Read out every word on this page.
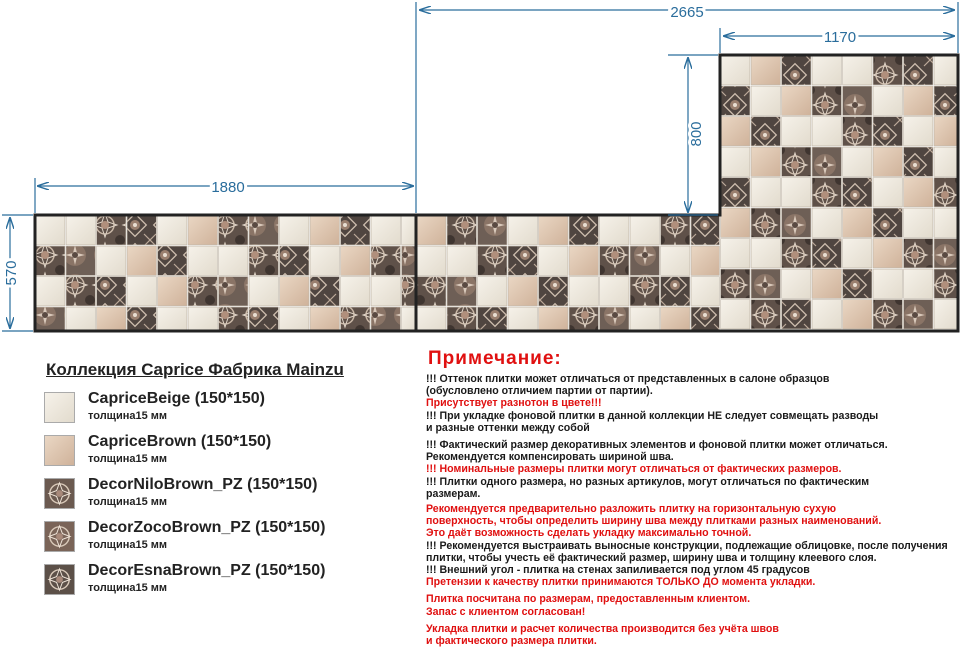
2665
1170
800
1880
570
Коллекция Caprice Фабрика Mainzu
CapriceBeige (150*150)
толщина15 мм
CapriceBrown (150*150)
толщина15 мм
DecorNiloBrown_PZ (150*150)
толщина15 мм
DecorZocoBrown_PZ (150*150)
толщина15 мм
DecorEsnaBrown_PZ (150*150)
толщина15 мм
Примечание:
!!! Оттенок плитки может отличаться от представленных в салоне образцов
(обусловлено отличием партии от партии).
Присутствует разнотон в цвете!!!
!!! При укладке фоновой плитки в данной коллекции НЕ следует совмещать разводы
и разные оттенки между собой
!!! Фактический размер декоративных элементов и фоновой плитки может отличаться.
Рекомендуется компенсировать шириной шва.
!!! Номинальные размеры плитки могут отличаться от фактических размеров.
!!! Плитки одного размера, но разных артикулов, могут отличаться по фактическим
размерам.
Рекомендуется предварительно разложить плитку на горизонтальную сухую
поверхность, чтобы определить ширину шва между плитками разных наименований.
Это даёт возможность сделать укладку максимально точной.
!!! Рекомендуется выстраивать выносные конструкции, подлежащие облицовке, после получения
плитки, чтобы учесть её фактический размер, ширину шва и толщину клеевого слоя.
!!! Внешний угол - плитка на стенах запиливается под углом 45 градусов
Претензии к качеству плитки принимаются ТОЛЬКО ДО момента укладки.
Плитка посчитана по размерам, предоставленным клиентом.
Запас с клиентом согласован!
Укладка плитки и расчет количества производится без учёта швов
и фактического размера плитки.
